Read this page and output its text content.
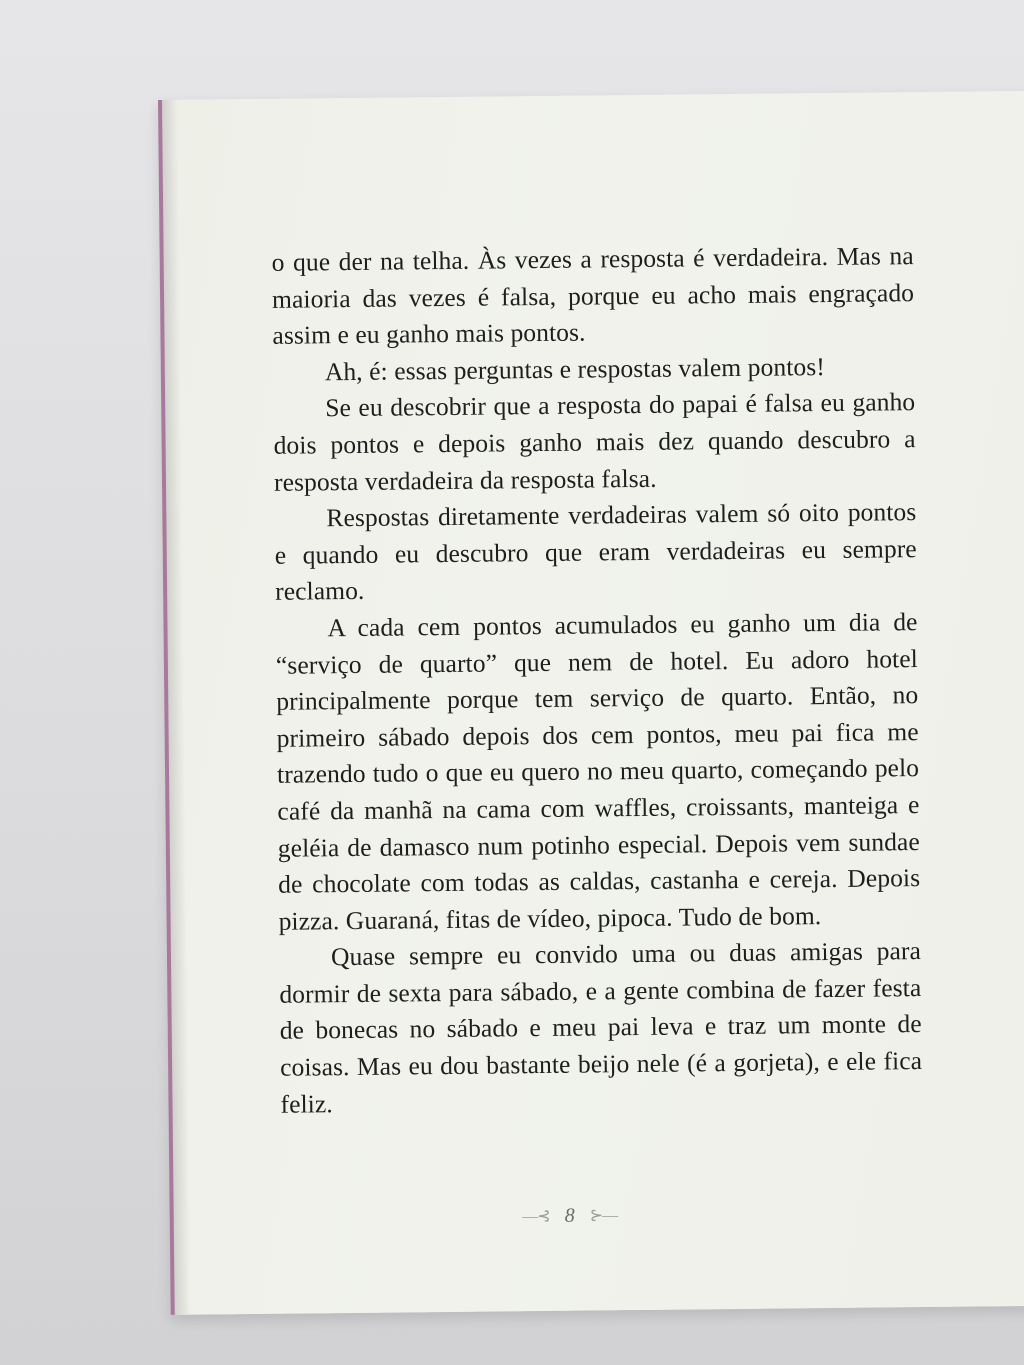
o que der na telha. Às vezes a resposta é verdadeira. Mas na maioria das vezes é falsa, porque eu acho mais engraçado assim e eu ganho mais pontos.

Ah, é: essas perguntas e respostas valem pontos!

Se eu descobrir que a resposta do papai é falsa eu ganho dois pontos e depois ganho mais dez quando descubro a resposta verdadeira da resposta falsa.

Respostas diretamente verdadeiras valem só oito pontos e quando eu descubro que eram verdadeiras eu sempre reclamo.

A cada cem pontos acumulados eu ganho um dia de “serviço de quarto” que nem de hotel. Eu adoro hotel principalmente porque tem serviço de quarto. Então, no primeiro sábado depois dos cem pontos, meu pai fica me trazendo tudo o que eu quero no meu quarto, começando pelo café da manhã na cama com waffles, croissants, manteiga e geléia de damasco num potinho especial. Depois vem sundae de chocolate com todas as caldas, castanha e cereja. Depois pizza. Guaraná, fitas de vídeo, pipoca. Tudo de bom.

Quase sempre eu convido uma ou duas amigas para dormir de sexta para sábado, e a gente combina de fazer festa de bonecas no sábado e meu pai leva e traz um monte de coisas. Mas eu dou bastante beijo nele (é a gorjeta), e ele fica feliz.

—⊰ 8 ⊱—
